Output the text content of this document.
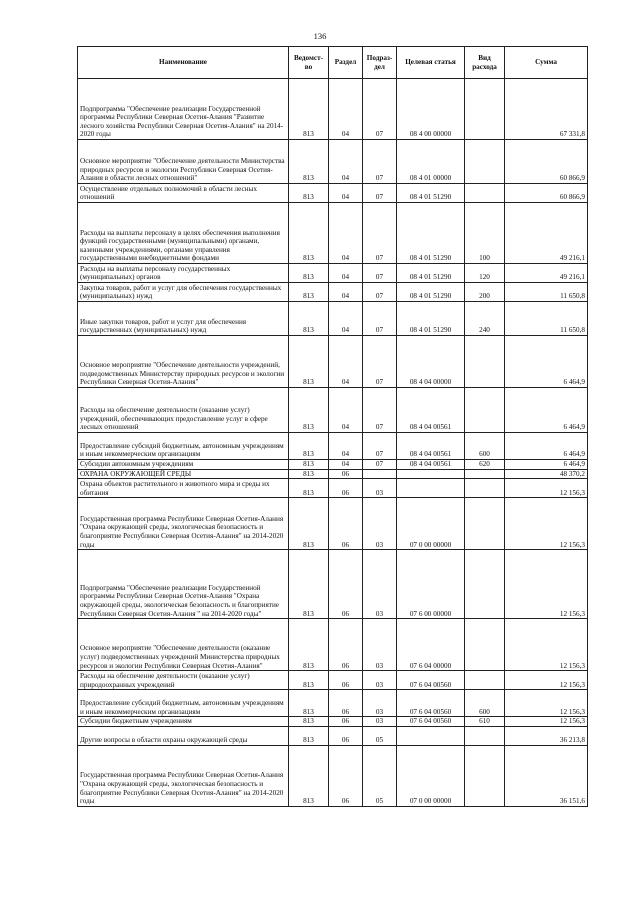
136
Наименование	Ведомст-во	Раздел	Подраз-дел	Целевая статья	Вид расхода	Сумма
Подпрограмма "Обеспечение реализации Государственной программы Республики Северная Осетия-Алания "Развитие лесного хозяйства Республики Северная Осетия-Алания" на 2014-2020 годы	813	04	07	08 4 00 00000		67 331,8
Основное мероприятие "Обеспечение деятельности Министерства природных ресурсов и экологии Республики Северная Осетия-Алания в области лесных отношений"	813	04	07	08 4 01 00000		60 866,9
Осуществление отдельных полномочий в области лесных отношений	813	04	07	08 4 01 51290		60 866,9
Расходы на выплаты персоналу в целях обеспечения выполнения функций государственными (муниципальными) органами, казенными учреждениями, органами управления государственными внебюджетными фондами	813	04	07	08 4 01 51290	100	49 216,1
Расходы на выплаты персоналу государственных (муниципальных) органов	813	04	07	08 4 01 51290	120	49 216,1
Закупка товаров, работ и услуг для обеспечения государственных (муниципальных) нужд	813	04	07	08 4 01 51290	200	11 650,8
Иные закупки товаров, работ и услуг для обеспечения государственных (муниципальных) нужд	813	04	07	08 4 01 51290	240	11 650,8
Основное мероприятие "Обеспечение деятельности учреждений, подведомственных Министерству природных ресурсов и экологии Республики Северная Осетия-Алания"	813	04	07	08 4 04 00000		6 464,9
Расходы на обеспечение деятельности (оказание услуг) учреждений, обеспечивающих предоставление услуг в сфере лесных отношений	813	04	07	08 4 04 00561		6 464,9
Предоставление субсидий бюджетным, автономным учреждениям и иным некоммерческим организациям	813	04	07	08 4 04 00561	600	6 464,9
Субсидии автономным учреждениям	813	04	07	08 4 04 00561	620	6 464,9
ОХРАНА ОКРУЖАЮЩЕЙ СРЕДЫ	813	06				48 370,2
Охрана объектов растительного и животного мира и среды их обитания	813	06	03			12 156,3
Государственная программа Республики Северная Осетия-Алания "Охрана окружающей среды, экологическая безопасность и благоприятие Республики Северная Осетия-Алания" на 2014-2020 годы	813	06	03	07 0 00 00000		12 156,3
Подпрограмма "Обеспечение реализации Государственной программы Республики Северная Осетия-Алания "Охрана окружающей среды, экологическая безопасность и благоприятие Республики Северная Осетия-Алания " на 2014-2020 годы"	813	06	03	07 6 00 00000		12 156,3
Основное мероприятие "Обеспечение деятельности (оказание услуг) подведомственных учреждений Министерства природных ресурсов и экологии Республики Северная Осетия-Алания"	813	06	03	07 6 04 00000		12 156,3
Расходы на обеспечение деятельности (оказание услуг) природоохранных учреждений	813	06	03	07 6 04 00560		12 156,3
Предоставление субсидий бюджетным, автономным учреждениям и иным некоммерческим организациям	813	06	03	07 6 04 00560	600	12 156,3
Субсидии бюджетным учреждениям	813	06	03	07 6 04 00560	610	12 156,3
Другие вопросы в области охраны окружающей среды	813	06	05			36 213,8
Государственная программа Республики Северная Осетия-Алания "Охрана окружающей среды, экологическая безопасность и благоприятие Республики Северная Осетия-Алания" на 2014-2020 годы	813	06	05	07 0 00 00000		36 151,6
